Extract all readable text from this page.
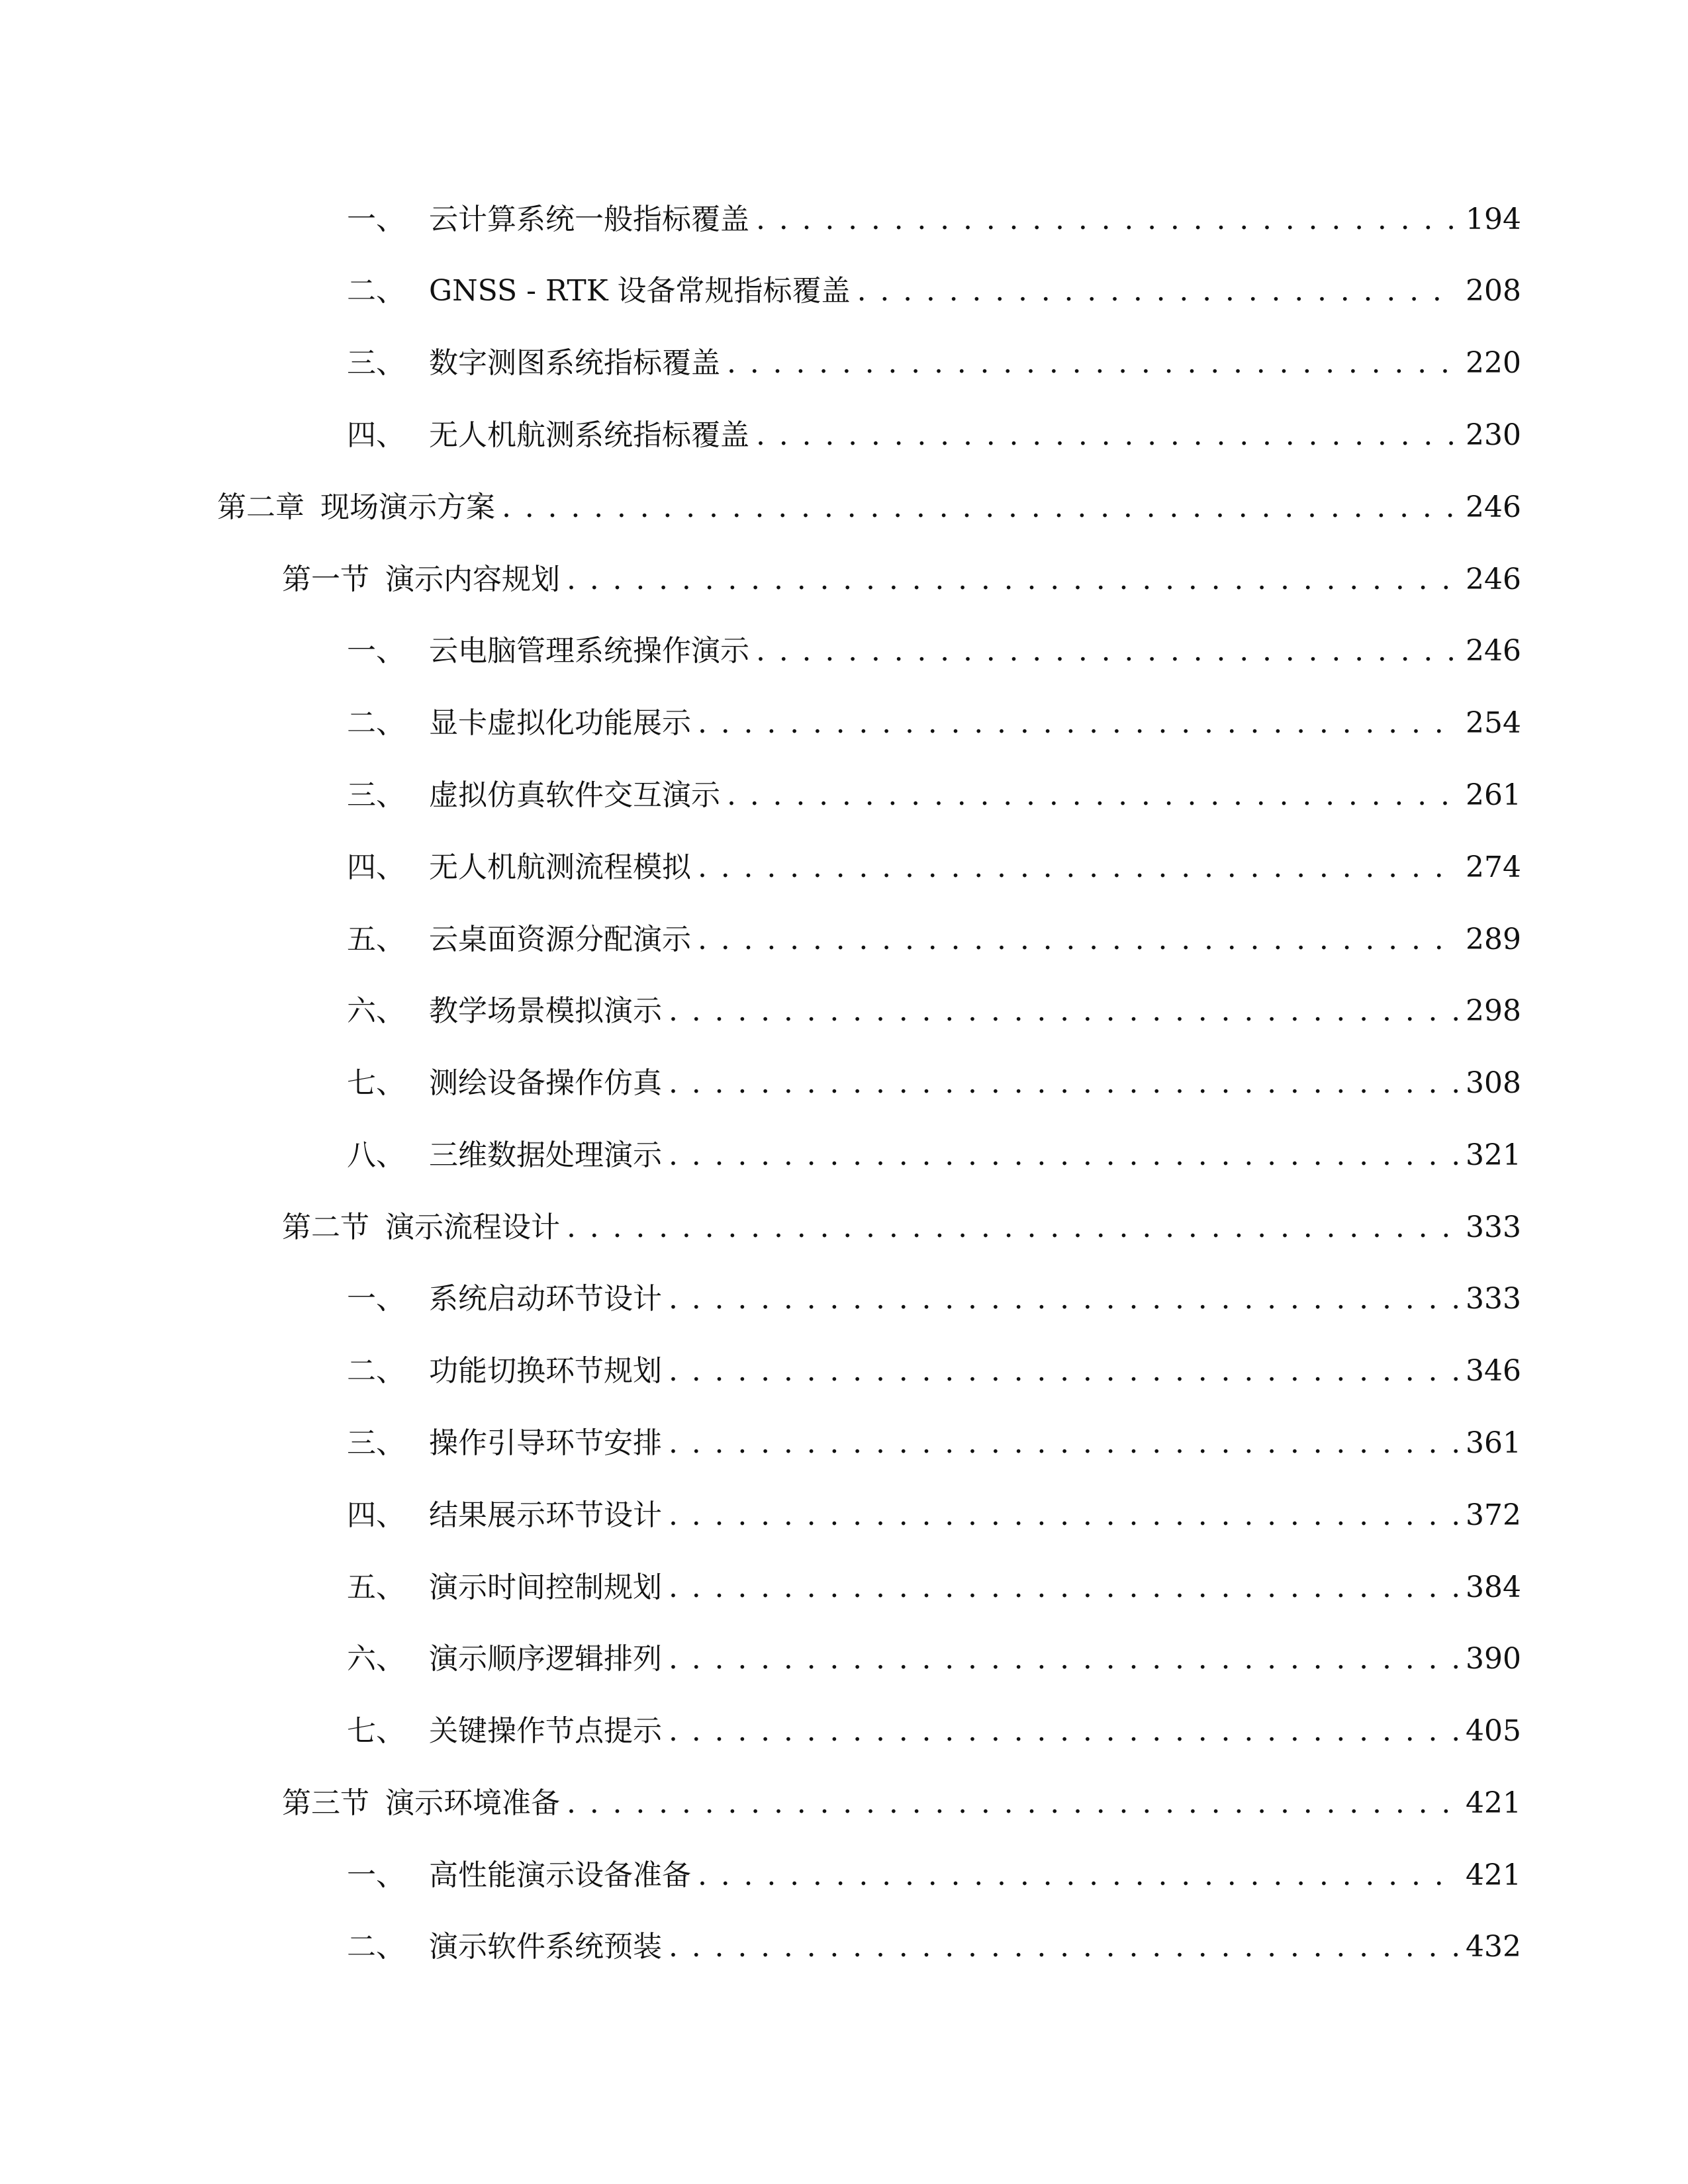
一、 云计算系统一般指标覆盖 . . .	194
二、 GNSS - RTK 设备常规指标覆盖 . . .	208
三、 数字测图系统指标覆盖 . . .	220
四、 无人机航测系统指标覆盖 . . .	230
第二章 现场演示方案 . . .	246
第一节 演示内容规划 . . .	246
一、 云电脑管理系统操作演示 . . .	246
二、 显卡虚拟化功能展示 . . .	254
三、 虚拟仿真软件交互演示 . . .	261
四、 无人机航测流程模拟 . . .	274
五、 云桌面资源分配演示 . . .	289
六、 教学场景模拟演示 . . .	298
七、 测绘设备操作仿真 . . .	308
八、 三维数据处理演示 . . .	321
第二节 演示流程设计 . . .	333
一、 系统启动环节设计 . . .	333
二、 功能切换环节规划 . . .	346
三、 操作引导环节安排 . . .	361
四、 结果展示环节设计 . . .	372
五、 演示时间控制规划 . . .	384
六、 演示顺序逻辑排列 . . .	390
七、 关键操作节点提示 . . .	405
第三节 演示环境准备 . . .	421
一、 高性能演示设备准备 . . .	421
二、 演示软件系统预装 . . .	432
